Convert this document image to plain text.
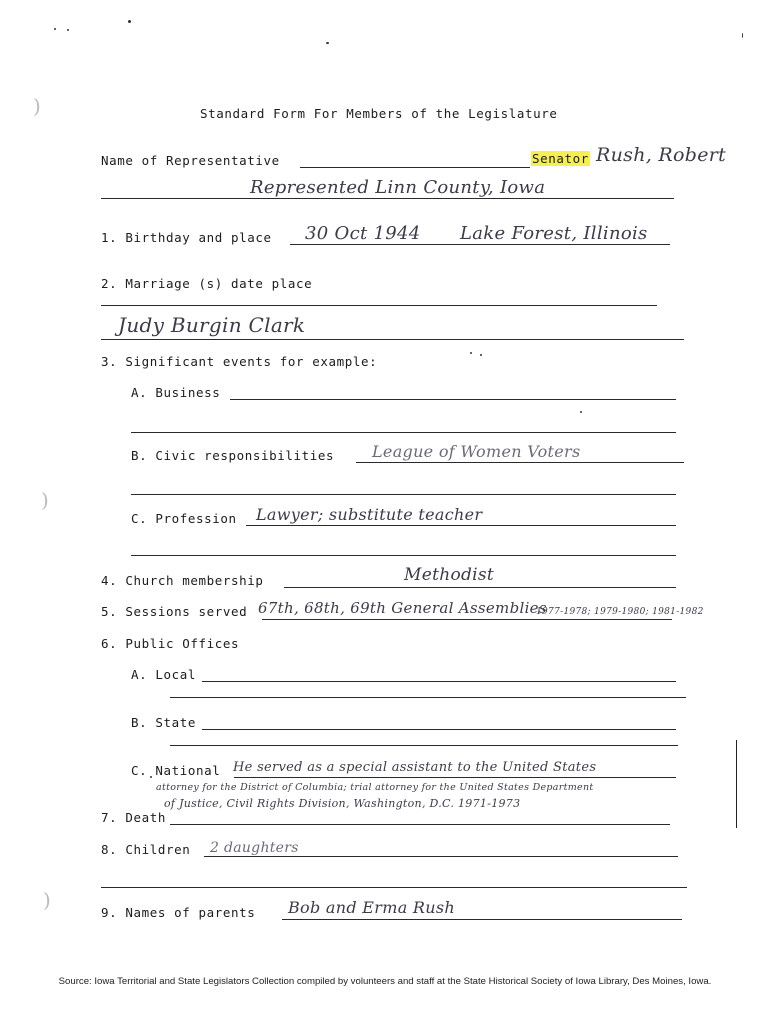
)
)
)
Standard Form For Members of the Legislature
Name of Representative	Senator Rush, Robert
Represented Linn County, Iowa
1. Birthday and place 30 Oct 1944 Lake Forest, Illinois
2. Marriage (s) date place
Judy Burgin Clark
3. Significant events for example:
A. Business
B. Civic responsibilities League of Women Voters
C. Profession Lawyer; substitute teacher
4. Church membership	Methodist
5. Sessions served 67th, 68th, 69th General Assemblies
1977-1978; 1979-1980; 1981-1982
6. Public Offices
A. Local
B. State
C. National He served as a special assistant to the United States
attorney for the District of Columbia; trial attorney for the United States Department
of Justice, Civil Rights Division, Washington, D.C. 1971-1973
7. Death
8. Children 2 daughters
9. Names of parents Bob and Erma Rush
Source: Iowa Territorial and State Legislators Collection compiled by volunteers and staff at the State Historical Society of Iowa Library, Des Moines, Iowa.
